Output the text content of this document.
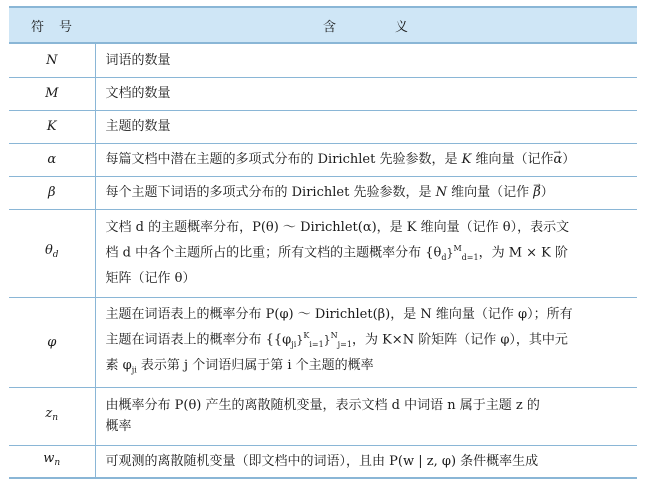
符　号	含 义
N	词语的数量
M	文档的数量
K	主题的数量
α	每篇文档中潜在主题的多项式分布的 Dirichlet 先验参数，是 K 维向量（记作→ α）
β	每个主题下词语的多项式分布的 Dirichlet 先验参数，是 N 维向量（记作 → β）
$\theta_d$	文档 d 的主题概率分布，P(θ) ～ Dirichlet(α)，是 K 维向量（记作 θ），表示文
档 d 中各个主题所占的比重；所有文档的主题概率分布 $\{\theta_d\}^M_{d=1}$，为 M × K 阶
矩阵（记作 θ）

φ	主题在词语表上的概率分布 P(φ) ～ Dirichlet(β)，是 N 维向量（记作 φ）；所有
主题在词语表上的概率分布 $\{\{\varphi_{ji}\}^K_{i=1}\}^N_{j=1}$，为 K×N 阶矩阵（记作 φ），其中元
素 $\varphi_{ji}$ 表示第 j 个词语归属于第 i 个主题的概率

$z_n$	由概率分布 P(θ) 产生的离散随机变量，表示文档 d 中词语 n 属于主题 z 的
概率

$w_n$	可观测的离散随机变量（即文档中的词语），且由 P(w | z, φ) 条件概率生成
